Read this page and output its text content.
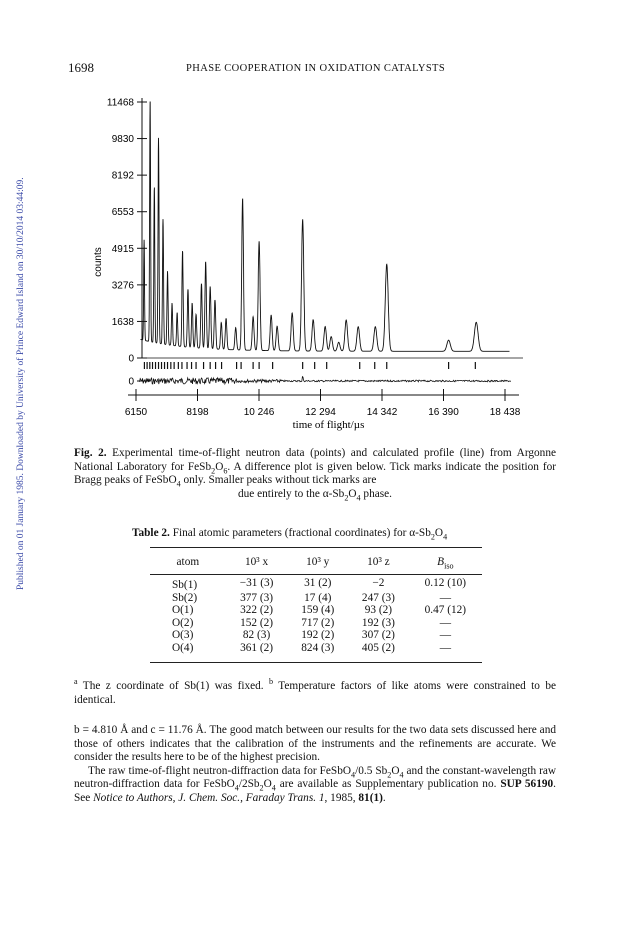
Published on 01 January 1985. Downloaded by University of Prince Edward Island on 30/10/2014 03:44:09.
1698	PHASE COOPERATION IN OXIDATION CATALYSTS
11468
9830
8192
6553
4915
3276
1638
0
counts
0
6150	8198	10 246	12 294	14 342	16 390	18 438
time of flight/µs
Fig. 2. Experimental time-of-flight neutron data (points) and calculated profile (line) from Argonne National Laboratory for $FeSb_2O_6$. A difference plot is given below. Tick marks indicate the position for Bragg peaks of FeSbO$_4$ only. Smaller peaks without tick marks are
due entirely to the $\alpha-Sb_2O_4$ phase.
Table 2. Final atomic parameters (fractional coordinates) for $\alpha-Sb_2O_4$
atom	10³ x	10³ y	10³ z	$B_{iso}$
Sb(1)	−31 (3)	31 (2)	−2	0.12 (10)
Sb(2)	377 (3)	17 (4)	247 (3)	—
O(1)	322 (2)	159 (4)	93 (2)	0.47 (12)
O(2)	152 (2)	717 (2)	192 (3)	—
O(3)	82 (3)	192 (2)	307 (2)	—
O(4)	361 (2)	824 (3)	405 (2)	—
$^a$ The z coordinate of Sb(1) was fixed. $^b$ Temperature factors of like atoms were constrained to be identical.

b = 4.810 Å and c = 11.76 Å. The good match between our results for the two data sets discussed here and those of others indicates that the calibration of the instruments and the refinements are accurate. We consider the results here to be of the highest precision.

The raw time-of-flight neutron-diffraction data for FeSbO$_4$/0.5 $Sb_2O_4$ and the constant-wavelength raw neutron-diffraction data for $FeSbO_4/2Sb_2O_4$ are available as Supplementary publication no. SUP 56190. See Notice to Authors, J. Chem. Soc., Faraday Trans. 1, 1985, 81(1).
